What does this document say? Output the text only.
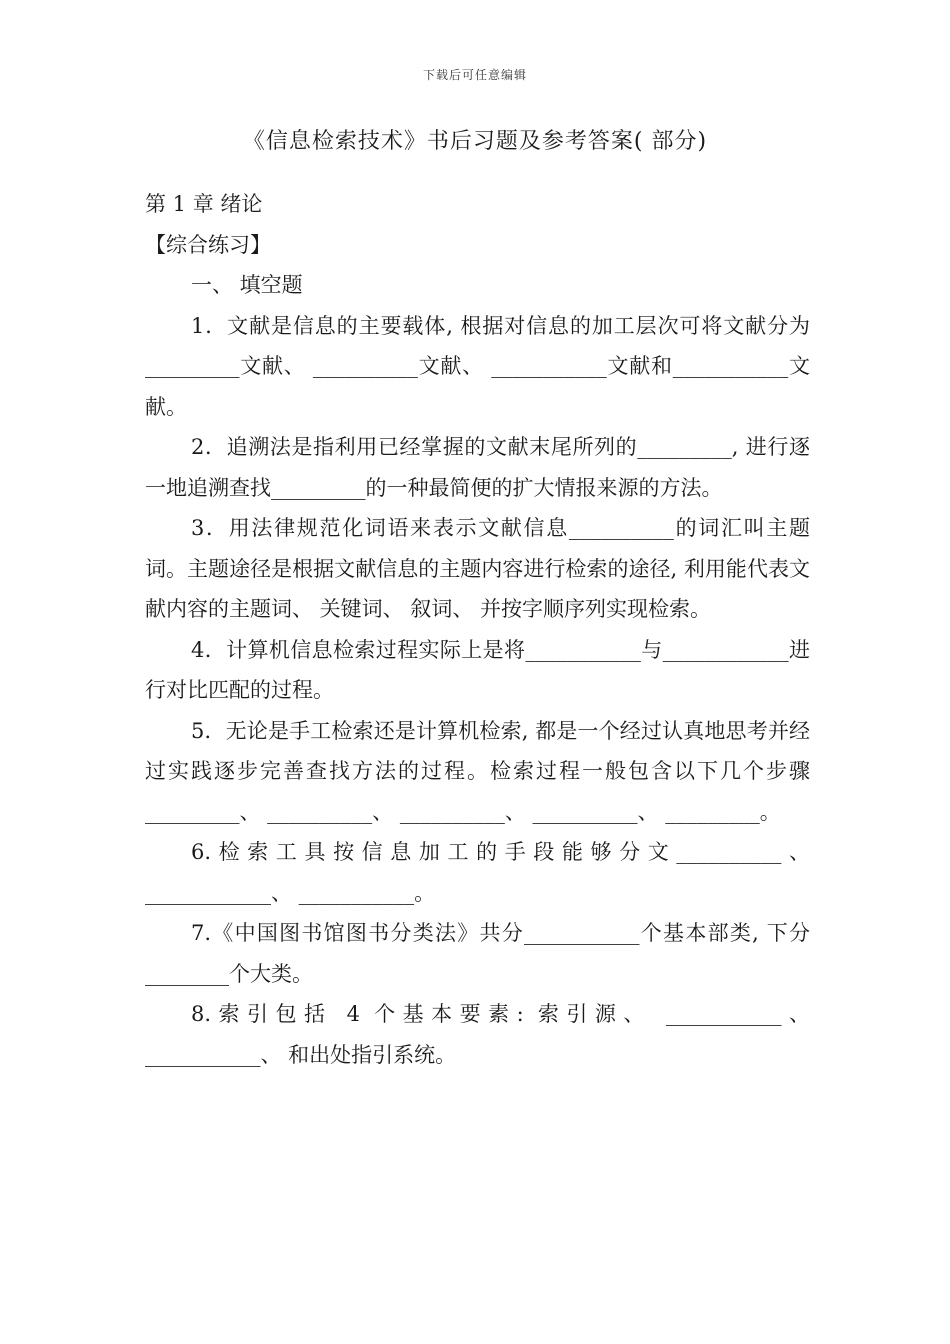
下载后可任意编辑
《信息检索技术》书后习题及参考答案( 部分)

第 1 章 绪论

【综合练习】

一、 填空题

1．文献是信息的主要载体, 根据对信息的加工层次可将文献分为_________文献、 __________文献、 ___________文献和___________文献。

2．追溯法是指利用已经掌握的文献末尾所列的_________, 进行逐一地追溯查找_________的一种最简便的扩大情报来源的方法。

3．用法律规范化词语来表示文献信息__________的词汇叫主题词。主题途径是根据文献信息的主题内容进行检索的途径, 利用能代表文献内容的主题词、 关键词、 叙词、 并按字顺序列实现检索。

4．计算机信息检索过程实际上是将___________与____________进行对比匹配的过程。

5．无论是手工检索还是计算机检索, 都是一个经过认真地思考并经过实践逐步完善查找方法的过程。检索过程一般包含以下几个步骤_________、 __________、 __________、 __________、 _________。

6.检索工具按信息加工的手段能够分文__________、 ____________、 ___________。

7.《中国图书馆图书分类法》共分___________个基本部类, 下分________个大类。

8.索引包括 4 个基本要素: 索引源、 ___________、 ___________、 和出处指引系统。
